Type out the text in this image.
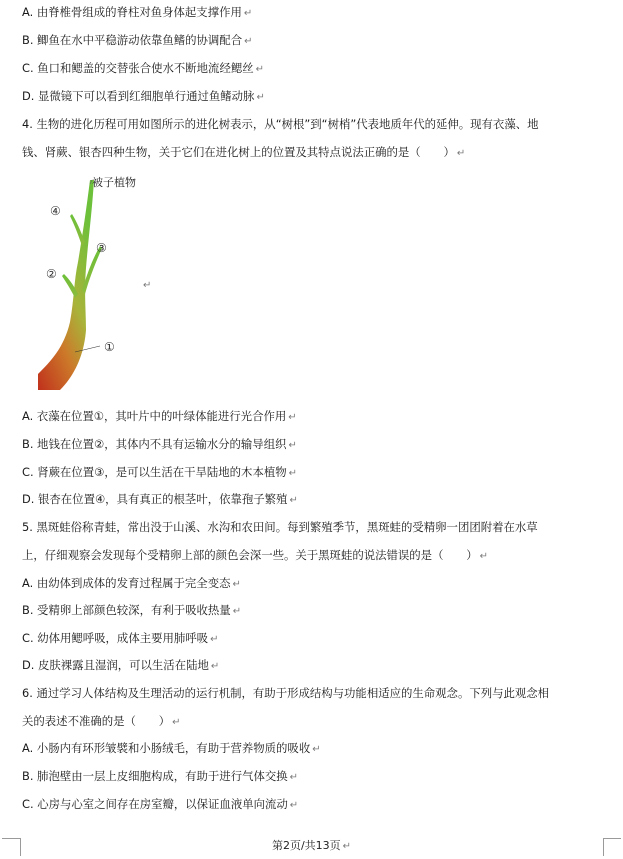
A. 由脊椎骨组成的脊柱对鱼身体起支撑作用 ↵
B. 鲫鱼在水中平稳游动依靠鱼鳍的协调配合 ↵
C. 鱼口和鳃盖的交替张合使水不断地流经鳃丝 ↵
D. 显微镜下可以看到红细胞单行通过鱼鳍动脉 ↵
4. 生物的进化历程可用如图所示的进化树表示，从“树根”到“树梢”代表地质年代的延伸。现有衣藻、地
钱、肾蕨、银杏四种生物，关于它们在进化树上的位置及其特点说法正确的是（　　） ↵
A. 衣藻在位置①，其叶片中的叶绿体能进行光合作用 ↵
B. 地钱在位置②，其体内不具有运输水分的输导组织 ↵
C. 肾蕨在位置③，是可以生活在干旱陆地的木本植物 ↵
D. 银杏在位置④，具有真正的根茎叶，依靠孢子繁殖 ↵
5. 黑斑蛙俗称青蛙，常出没于山溪、水沟和农田间。每到繁殖季节，黑斑蛙的受精卵一团团附着在水草
上，仔细观察会发现每个受精卵上部的颜色会深一些。关于黑斑蛙的说法错误的是（　　） ↵
A. 由幼体到成体的发育过程属于完全变态 ↵
B. 受精卵上部颜色较深，有利于吸收热量 ↵
C. 幼体用鳃呼吸，成体主要用肺呼吸 ↵
D. 皮肤裸露且湿润，可以生活在陆地 ↵
6. 通过学习人体结构及生理活动的运行机制，有助于形成结构与功能相适应的生命观念。下列与此观念相
关的表述不准确的是（　　） ↵
A. 小肠内有环形皱襞和小肠绒毛，有助于营养物质的吸收 ↵
B. 肺泡壁由一层上皮细胞构成，有助于进行气体交换 ↵
C. 心房与心室之间存在房室瓣，以保证血液单向流动 ↵
被子植物
④
③
②
①
↵
第2页/共13页 ↵
